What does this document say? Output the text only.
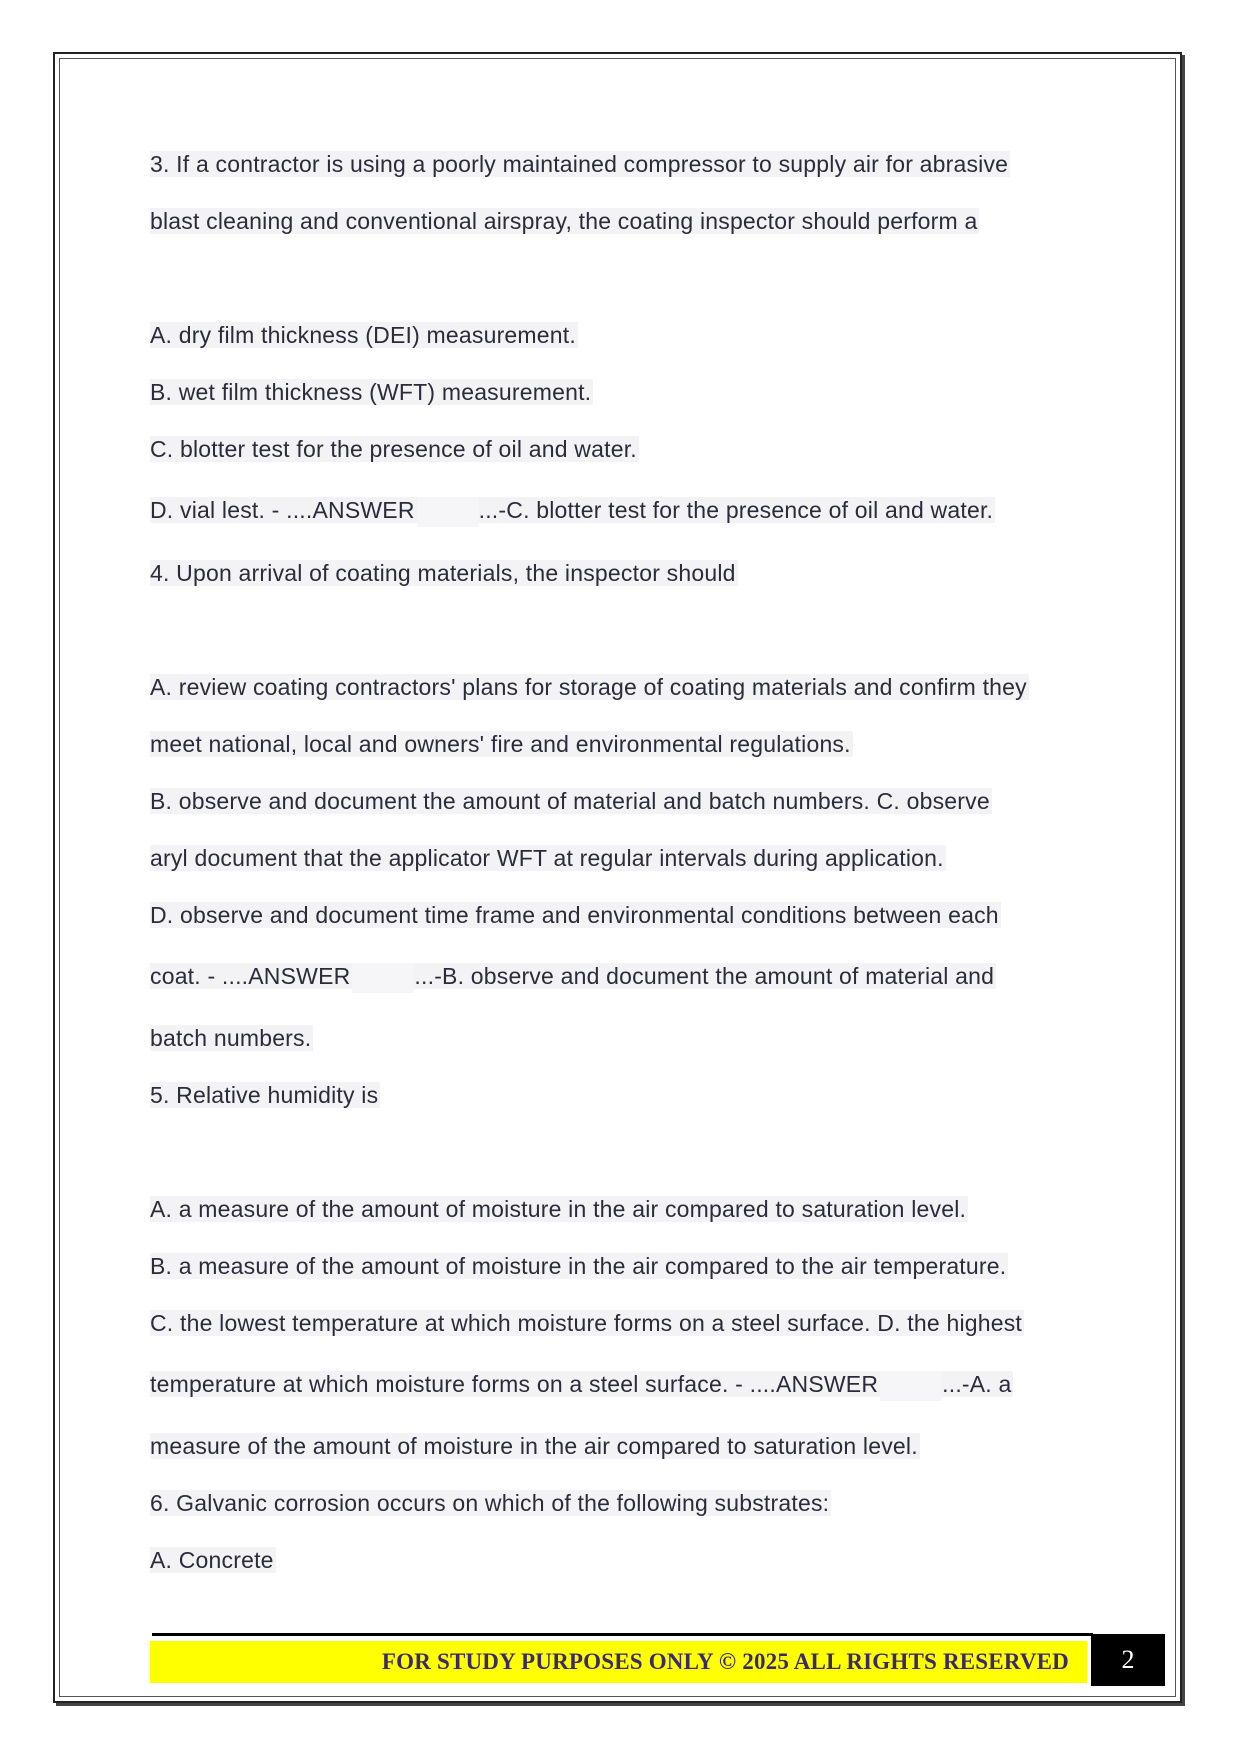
3. If a contractor is using a poorly maintained compressor to supply air for abrasive
blast cleaning and conventional airspray, the coating inspector should perform a
A. dry film thickness (DEI) measurement.
B. wet film thickness (WFT) measurement.
C. blotter test for the presence of oil and water.
D. vial lest. - ....ANSWER	...-C. blotter test for the presence of oil and water.
4. Upon arrival of coating materials, the inspector should
A. review coating contractors' plans for storage of coating materials and confirm they
meet national, local and owners' fire and environmental regulations.
B. observe and document the amount of material and batch numbers. C. observe
aryl document that the applicator WFT at regular intervals during application.
D. observe and document time frame and environmental conditions between each
coat. - ....ANSWER	...-B. observe and document the amount of material and
batch numbers.
5. Relative humidity is
A. a measure of the amount of moisture in the air compared to saturation level.
B. a measure of the amount of moisture in the air compared to the air temperature.
C. the lowest temperature at which moisture forms on a steel surface. D. the highest
temperature at which moisture forms on a steel surface. - ....ANSWER	...-A. a
measure of the amount of moisture in the air compared to saturation level.
6. Galvanic corrosion occurs on which of the following substrates:
A. Concrete
FOR STUDY PURPOSES ONLY © 2025 ALL RIGHTS RESERVED	2
